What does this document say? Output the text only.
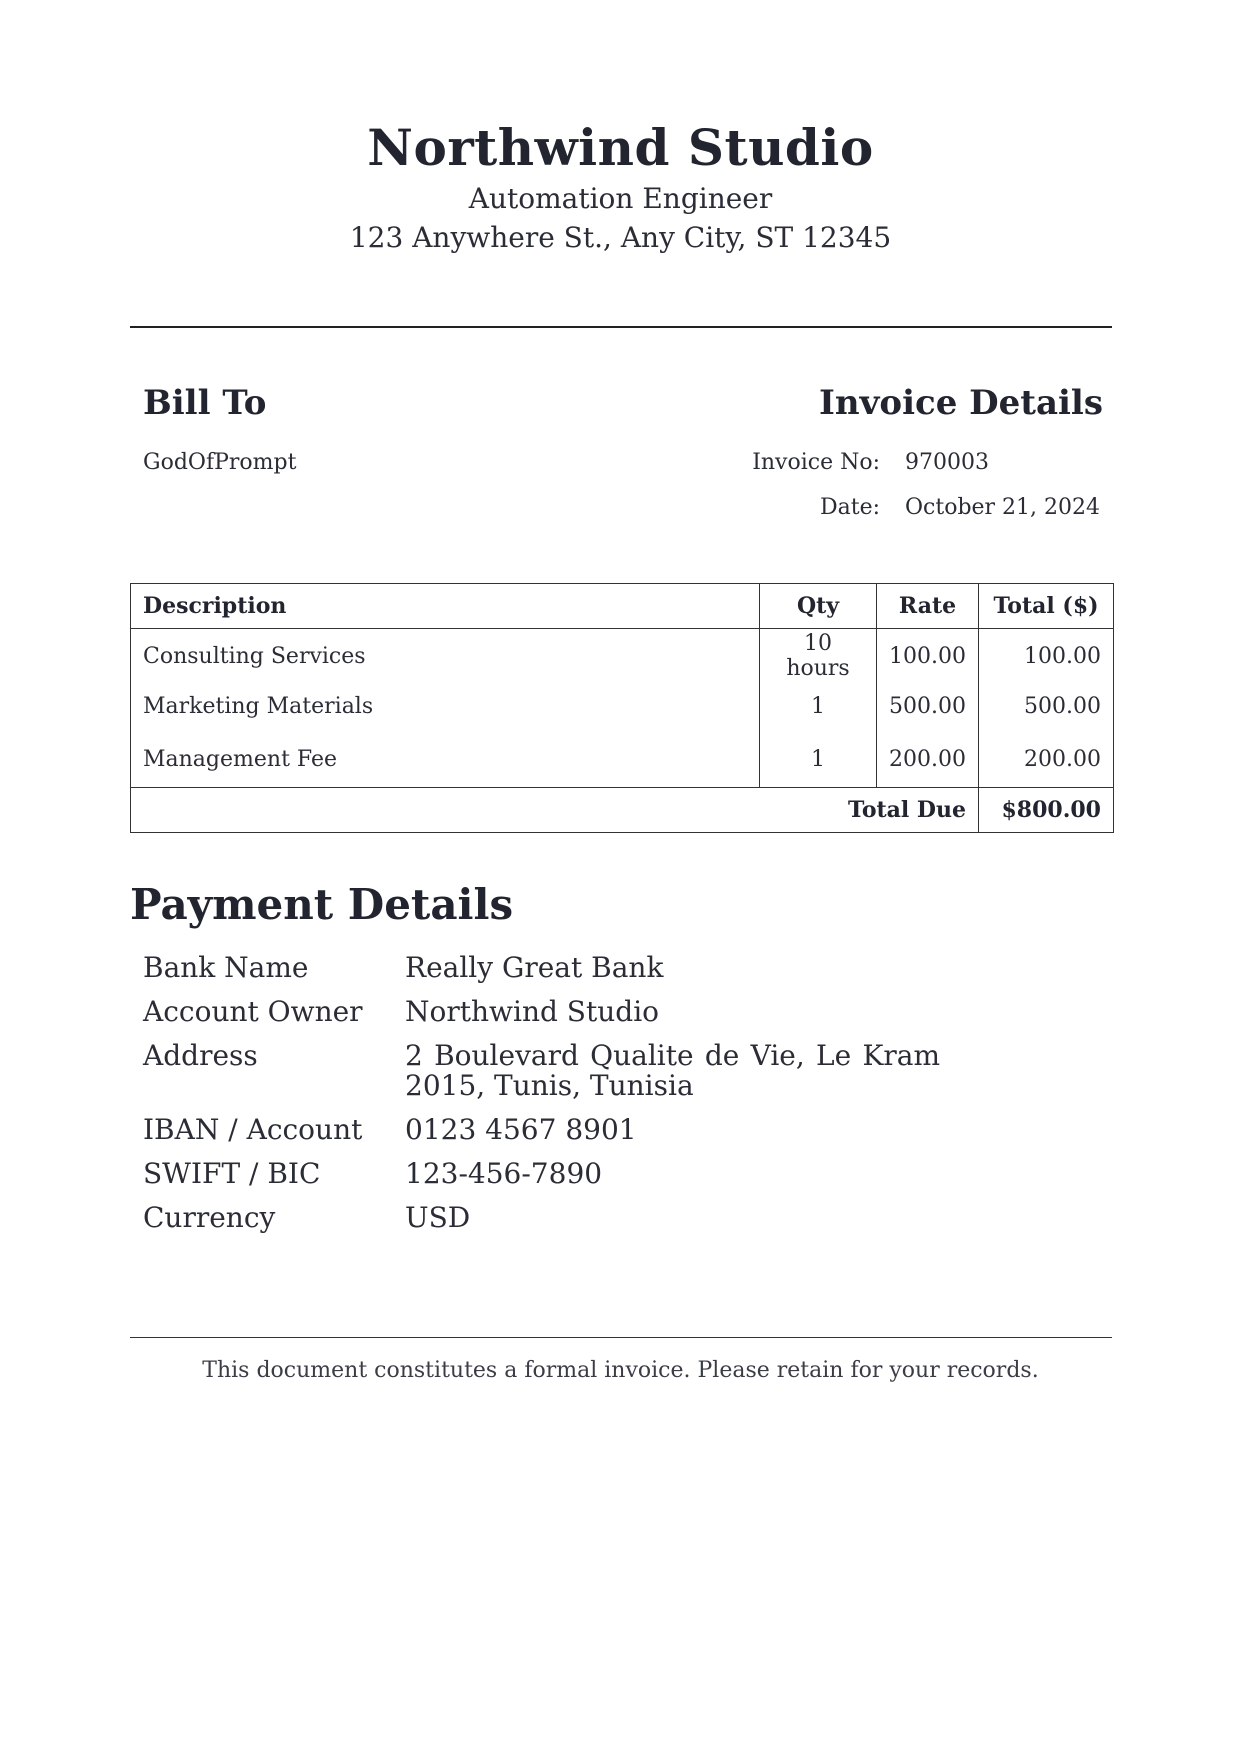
Northwind Studio
Automation Engineer
123 Anywhere St., Any City, ST 12345
Bill To
GodOfPrompt
Invoice Details
Invoice No: 970003
Date: October 21, 2024
Description	Qty	Rate	Total ($)
Consulting Services	10 hours	100.00	100.00
Marketing Materials	1	500.00	500.00
Management Fee	1	200.00	200.00
Total Due			$800.00
Payment Details
Bank Name	Really Great Bank
Account Owner	Northwind Studio
Address	2 Boulevard Qualite de Vie, Le Kram 2015, Tunis, Tunisia
IBAN / Account	0123 4567 8901
SWIFT / BIC	123-456-7890
Currency	USD
This document constitutes a formal invoice. Please retain for your records.
